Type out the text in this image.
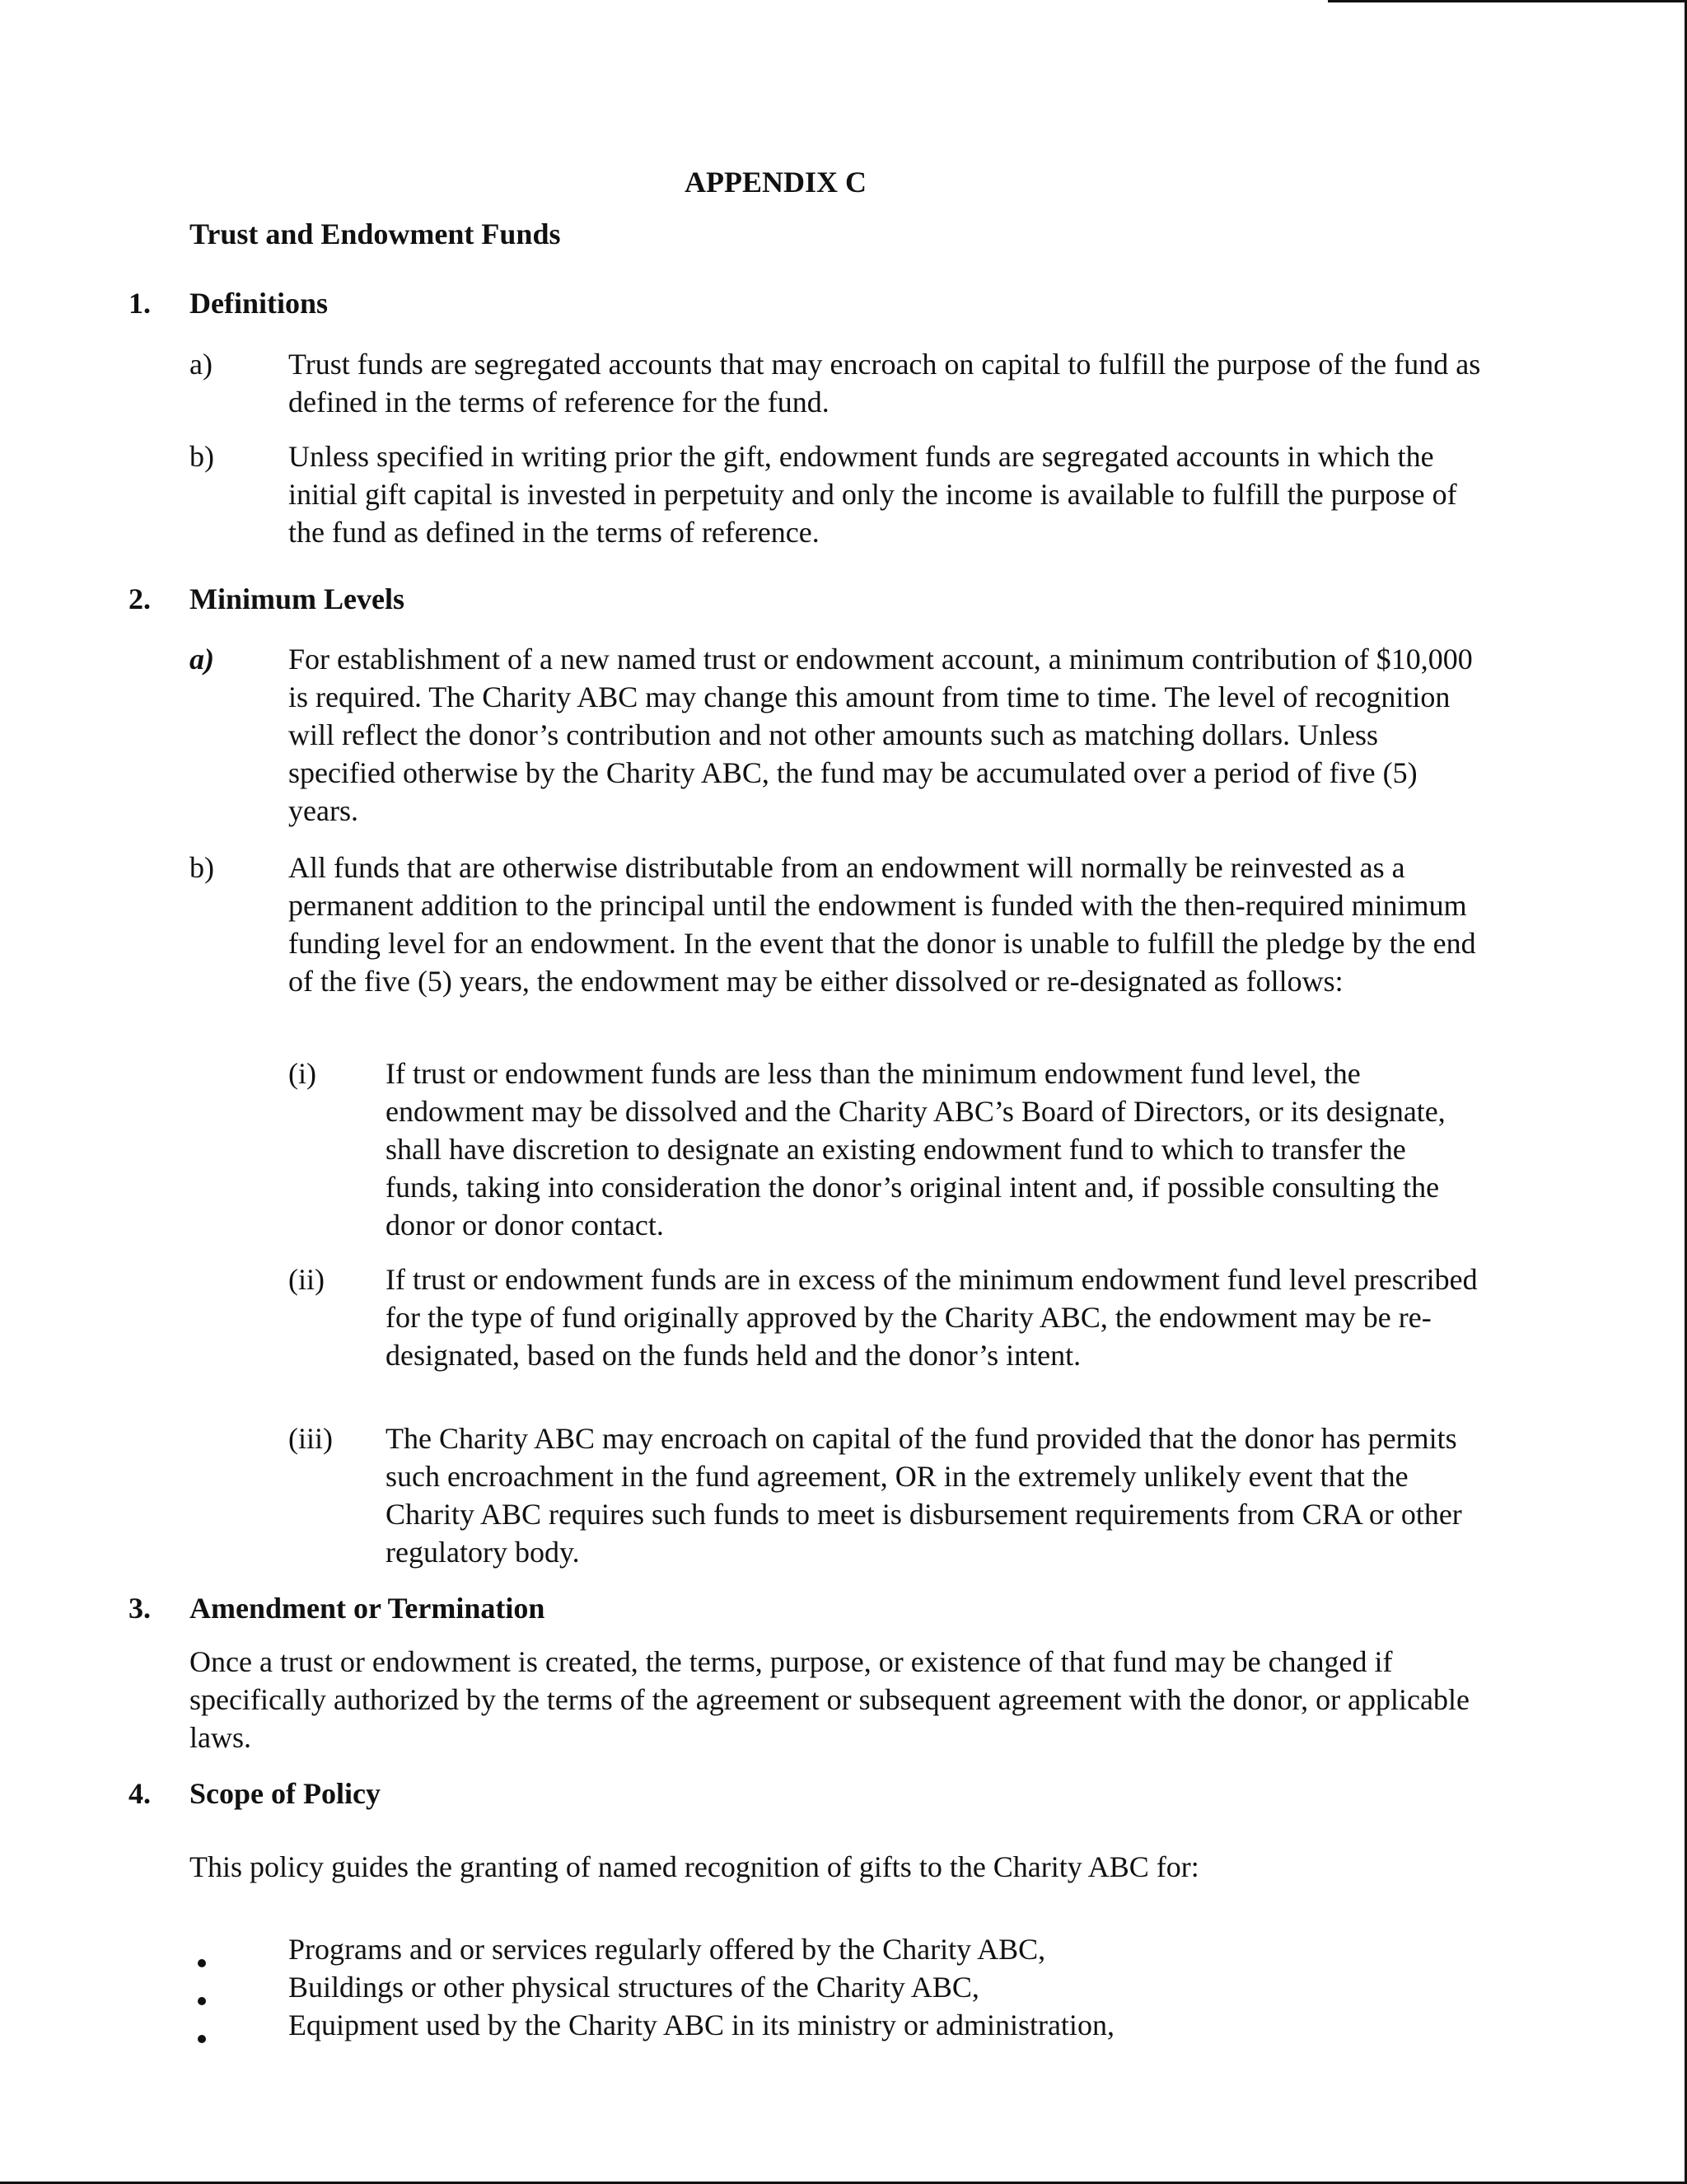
APPENDIX C

Trust and Endowment Funds

1. Definitions

a)	Trust funds are segregated accounts that may encroach on capital to fulfill the purpose of the fund as defined in the terms of reference for the fund.

b)	Unless specified in writing prior the gift, endowment funds are segregated accounts in which the initial gift capital is invested in perpetuity and only the income is available to fulfill the purpose of the fund as defined in the terms of reference.

2. Minimum Levels

a)	For establishment of a new named trust or endowment account, a minimum contribution of $10,000 is required. The Charity ABC may change this amount from time to time. The level of recognition will reflect the donor’s contribution and not other amounts such as matching dollars. Unless specified otherwise by the Charity ABC, the fund may be accumulated over a period of five (5) years.

b)	All funds that are otherwise distributable from an endowment will normally be reinvested as a permanent addition to the principal until the endowment is funded with the then-required minimum funding level for an endowment. In the event that the donor is unable to fulfill the pledge by the end of the five (5) years, the endowment may be either dissolved or re-designated as follows:

(i) If trust or endowment funds are less than the minimum endowment fund level, the endowment may be dissolved and the Charity ABC’s Board of Directors, or its designate, shall have discretion to designate an existing endowment fund to which to transfer the funds, taking into consideration the donor’s original intent and, if possible consulting the donor or donor contact.

(ii) If trust or endowment funds are in excess of the minimum endowment fund level prescribed for the type of fund originally approved by the Charity ABC, the endowment may be re-designated, based on the funds held and the donor’s intent.

(iii) The Charity ABC may encroach on capital of the fund provided that the donor has permits such encroachment in the fund agreement, OR in the extremely unlikely event that the Charity ABC requires such funds to meet is disbursement requirements from CRA or other regulatory body.

3. Amendment or Termination

Once a trust or endowment is created, the terms, purpose, or existence of that fund may be changed if specifically authorized by the terms of the agreement or subsequent agreement with the donor, or applicable laws.

4. Scope of Policy

This policy guides the granting of named recognition of gifts to the Charity ABC for:

Programs and or services regularly offered by the Charity ABC,

Buildings or other physical structures of the Charity ABC,

Equipment used by the Charity ABC in its ministry or administration,
